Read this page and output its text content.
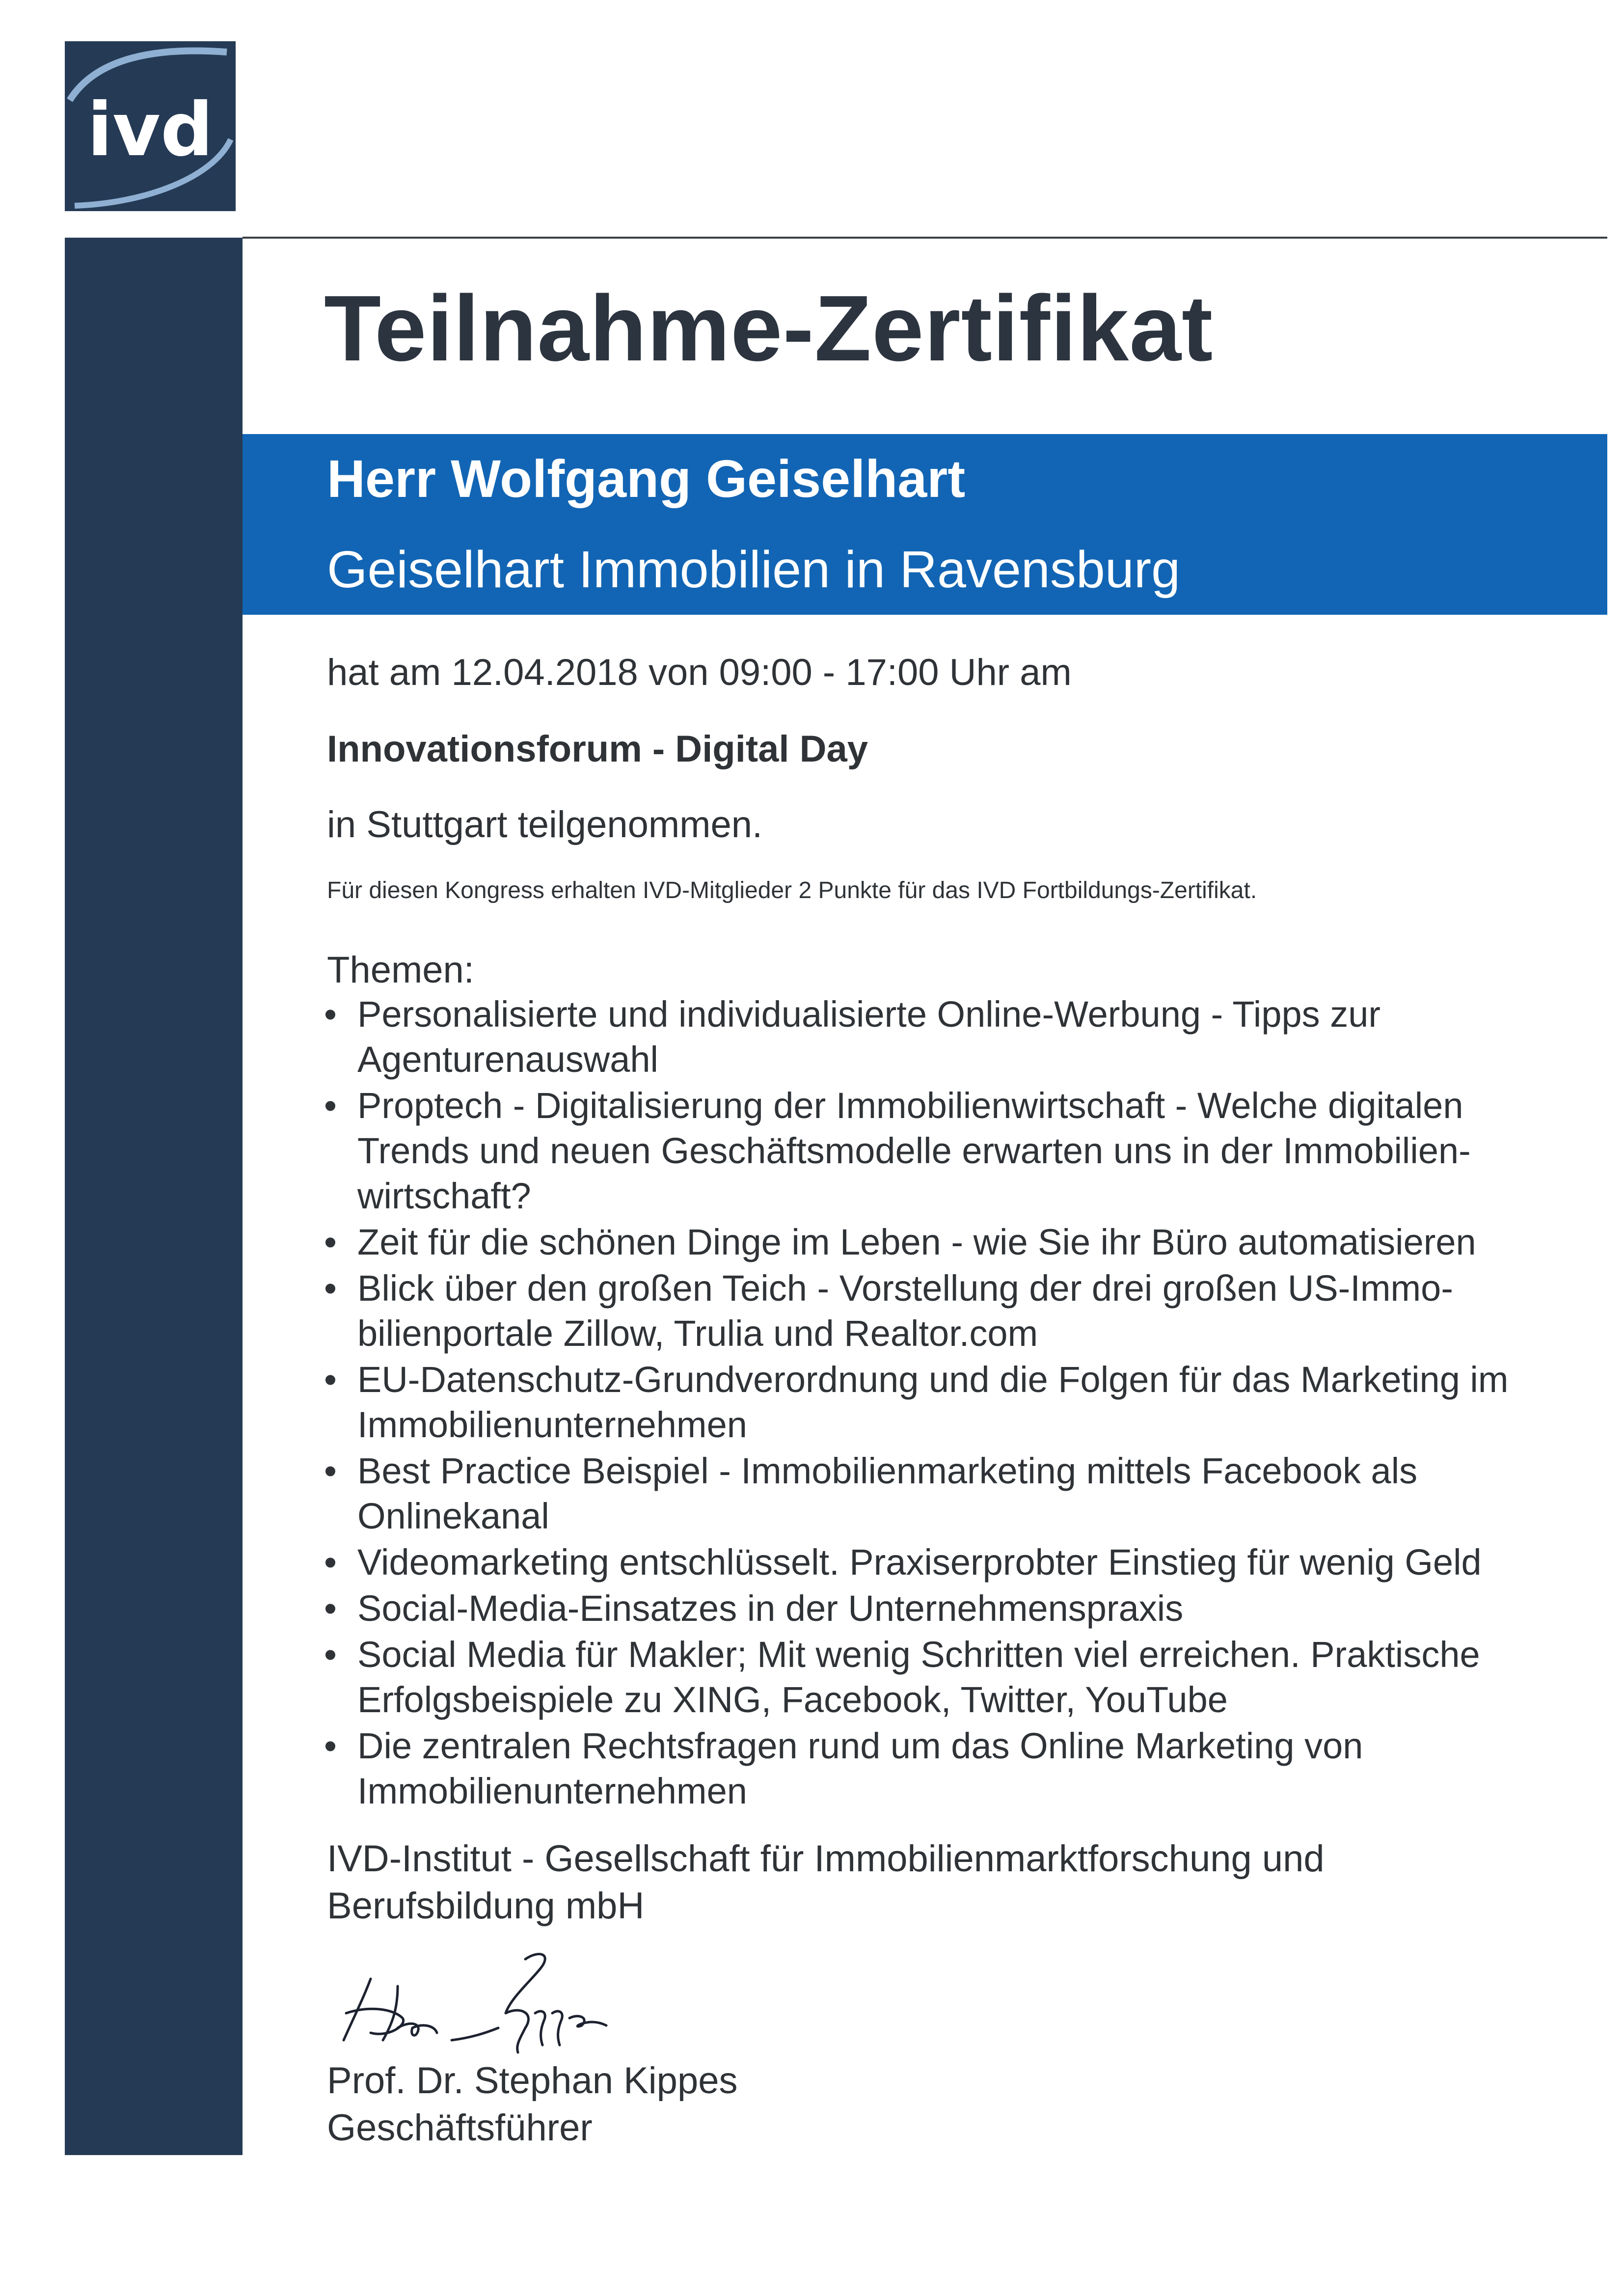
ivd
Teilnahme-Zertifikat
Herr Wolfgang Geiselhart
Geiselhart Immobilien in Ravensburg
hat am 12.04.2018 von 09:00 - 17:00 Uhr am
Innovationsforum - Digital Day
in Stuttgart teilgenommen.
Für diesen Kongress erhalten IVD-Mitglieder 2 Punkte für das IVD Fortbildungs-Zertifikat.
Themen:
• Personalisierte und individualisierte Online-Werbung - Tipps zur
Agenturenauswahl
• Proptech - Digitalisierung der Immobilienwirtschaft - Welche digitalen
Trends und neuen Geschäftsmodelle erwarten uns in der Immobilien-
wirtschaft?
• Zeit für die schönen Dinge im Leben - wie Sie ihr Büro automatisieren
• Blick über den großen Teich - Vorstellung der drei großen US-Immo-
bilienportale Zillow, Trulia und Realtor.com
• EU-Datenschutz-Grundverordnung und die Folgen für das Marketing im
Immobilienunternehmen
• Best Practice Beispiel - Immobilienmarketing mittels Facebook als
Onlinekanal
• Videomarketing entschlüsselt. Praxiserprobter Einstieg für wenig Geld
• Social-Media-Einsatzes in der Unternehmenspraxis
• Social Media für Makler; Mit wenig Schritten viel erreichen. Praktische
Erfolgsbeispiele zu XING, Facebook, Twitter, YouTube
• Die zentralen Rechtsfragen rund um das Online Marketing von
Immobilienunternehmen
IVD-Institut - Gesellschaft für Immobilienmarktforschung und
Berufsbildung mbH
Prof. Dr. Stephan Kippes
Geschäftsführer
